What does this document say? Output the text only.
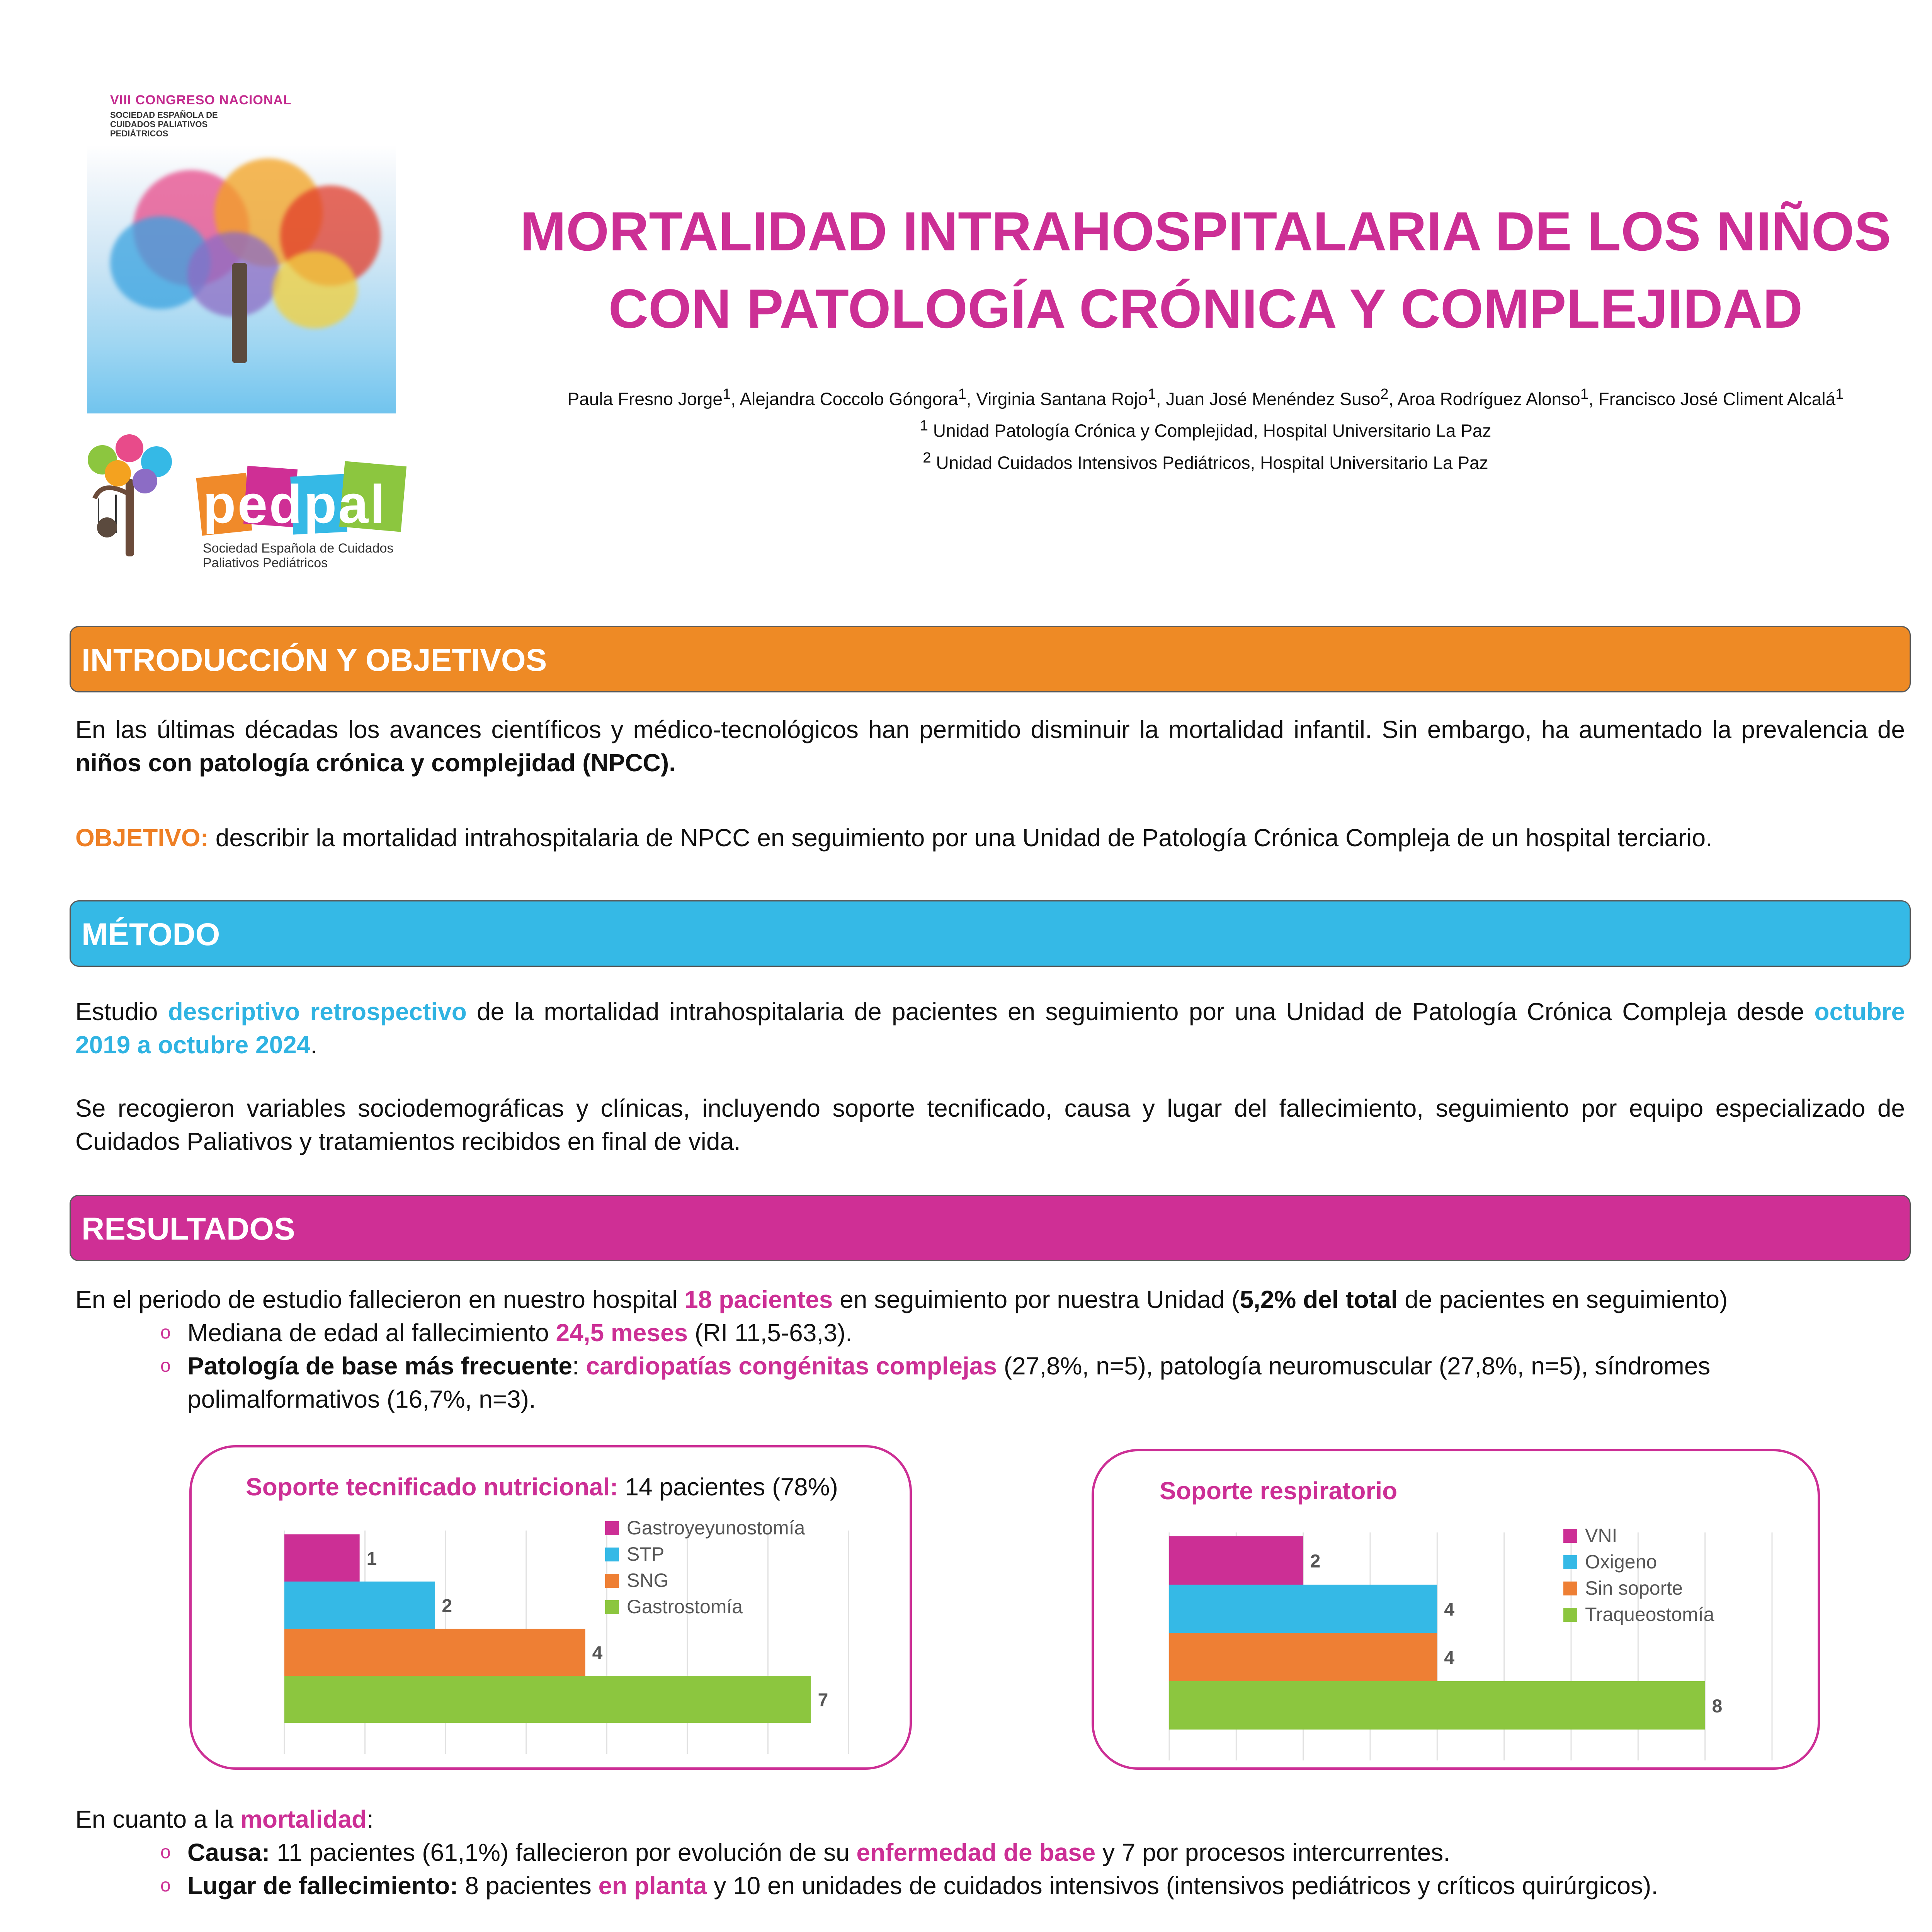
VIII CONGRESO NACIONAL
SOCIEDAD ESPAÑOLA DE CUIDADOS PALIATIVOS PEDIÁTRICOS
pedpal
Sociedad Española de Cuidados Paliativos Pediátricos
MORTALIDAD INTRAHOSPITALARIA DE LOS NIÑOS
CON PATOLOGÍA CRÓNICA Y COMPLEJIDAD
Paula Fresno Jorge$^1$, Alejandra Coccolo Góngora$^1$, Virginia Santana Rojo$^1$, Juan José Menéndez Suso$^2$, Aroa Rodríguez Alonso$^1$, Francisco José Climent Alcalá$^1$
$^1$ Unidad Patología Crónica y Complejidad, Hospital Universitario La Paz
$^2$ Unidad Cuidados Intensivos Pediátricos, Hospital Universitario La Paz
INTRODUCCIÓN Y OBJETIVOS

En las últimas décadas los avances científicos y médico-tecnológicos han permitido disminuir la mortalidad infantil. Sin embargo, ha aumentado la prevalencia de niños con patología crónica y complejidad (NPCC).

OBJETIVO: describir la mortalidad intrahospitalaria de NPCC en seguimiento por una Unidad de Patología Crónica Compleja de un hospital terciario.

MÉTODO

Estudio descriptivo retrospectivo de la mortalidad intrahospitalaria de pacientes en seguimiento por una Unidad de Patología Crónica Compleja desde octubre 2019 a octubre 2024.

Se recogieron variables sociodemográficas y clínicas, incluyendo soporte tecnificado, causa y lugar del fallecimiento, seguimiento por equipo especializado de Cuidados Paliativos y tratamientos recibidos en final de vida.

RESULTADOS

En el periodo de estudio fallecieron en nuestro hospital 18 pacientes en seguimiento por nuestra Unidad (5,2% del total de pacientes en seguimiento)

o Mediana de edad al fallecimiento 24,5 meses (RI 11,5-63,3).
o Patología de base más frecuente: cardiopatías congénitas complejas (27,8%, n=5), patología neuromuscular (27,8%, n=5), síndromes polimalformativos (16,7%, n=3).
Soporte tecnificado nutricional: 14 pacientes (78%)
1
2
4
7
Gastroyeyunostomía
STP
SNG
Gastrostomía
Soporte respiratorio
2
4
4
8
VNI
Oxigeno
Sin soporte
Traqueostomía

En cuanto a la mortalidad:

o Causa: 11 pacientes (61,1%) fallecieron por evolución de su enfermedad de base y 7 por procesos intercurrentes.
o Lugar de fallecimiento: 8 pacientes en planta y 10 en unidades de cuidados intensivos (intensivos pediátricos y críticos quirúrgicos).
